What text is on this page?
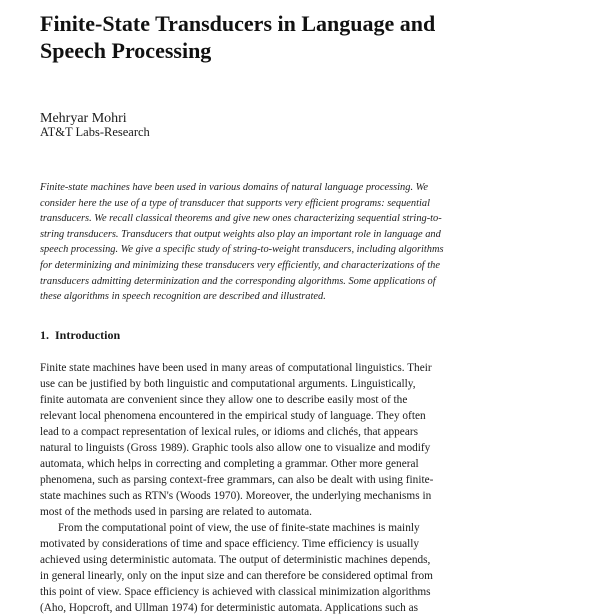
Finite-State Transducers in Language and
Speech Processing

Mehryar Mohri

AT&T Labs-Research

Finite-state machines have been used in various domains of natural language processing. We
consider here the use of a type of transducer that supports very efficient programs: sequential
transducers. We recall classical theorems and give new ones characterizing sequential string-to-
string transducers. Transducers that output weights also play an important role in language and
speech processing. We give a specific study of string-to-weight transducers, including algorithms
for determinizing and minimizing these transducers very efficiently, and characterizations of the
transducers admitting determinization and the corresponding algorithms. Some applications of
these algorithms in speech recognition are described and illustrated.
1. Introduction
Finite state machines have been used in many areas of computational linguistics. Their
use can be justified by both linguistic and computational arguments. Linguistically,
finite automata are convenient since they allow one to describe easily most of the
relevant local phenomena encountered in the empirical study of language. They often
lead to a compact representation of lexical rules, or idioms and clichés, that appears
natural to linguists (Gross 1989). Graphic tools also allow one to visualize and modify
automata, which helps in correcting and completing a grammar. Other more general
phenomena, such as parsing context-free grammars, can also be dealt with using finite-
state machines such as RTN's (Woods 1970). Moreover, the underlying mechanisms in
most of the methods used in parsing are related to automata.
From the computational point of view, the use of finite-state machines is mainly
motivated by considerations of time and space efficiency. Time efficiency is usually
achieved using deterministic automata. The output of deterministic machines depends,
in general linearly, only on the input size and can therefore be considered optimal from
this point of view. Space efficiency is achieved with classical minimization algorithms
(Aho, Hopcroft, and Ullman 1974) for deterministic automata. Applications such as
